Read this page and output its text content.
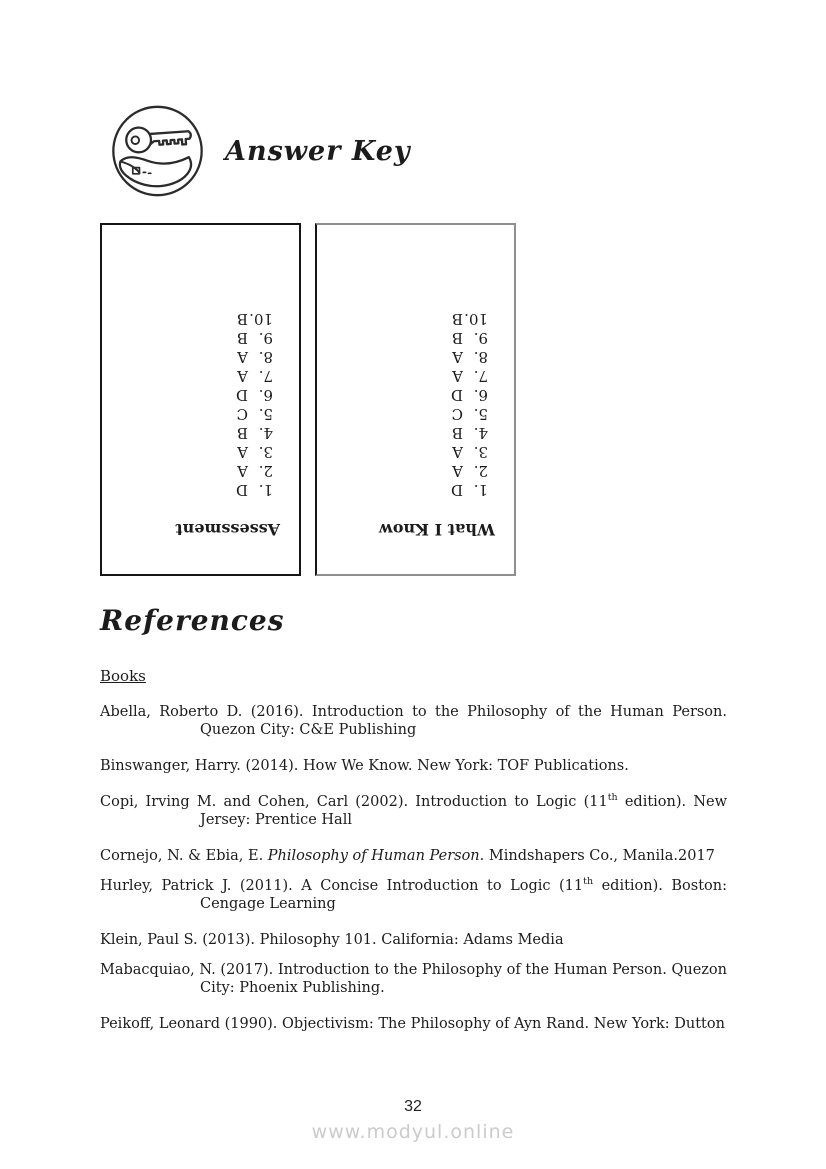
Answer Key
Assessment
1.D
2.A
3.A
4.B
5.C
6.D
7.A
8.A
9.B
10.B
What I Know
1.D
2.A
3.A
4.B
5.C
6.D
7.A
8.A
9.B
10.B
References
Books
Abella, Roberto D. (2016). Introduction to the Philosophy of the Human Person.
Quezon City: C&E Publishing
Binswanger, Harry. (2014). How We Know. New York: TOF Publications.
Copi, Irving M. and Cohen, Carl (2002). Introduction to Logic (11th edition). New
Jersey: Prentice Hall
Cornejo, N. & Ebia, E. Philosophy of Human Person. Mindshapers Co., Manila.2017
Hurley, Patrick J. (2011). A Concise Introduction to Logic (11th edition). Boston:
Cengage Learning
Klein, Paul S. (2013). Philosophy 101. California: Adams Media
Mabacquiao, N. (2017). Introduction to the Philosophy of the Human Person. Quezon
City: Phoenix Publishing.
Peikoff, Leonard (1990). Objectivism: The Philosophy of Ayn Rand. New York: Dutton
32
www.modyul.online
